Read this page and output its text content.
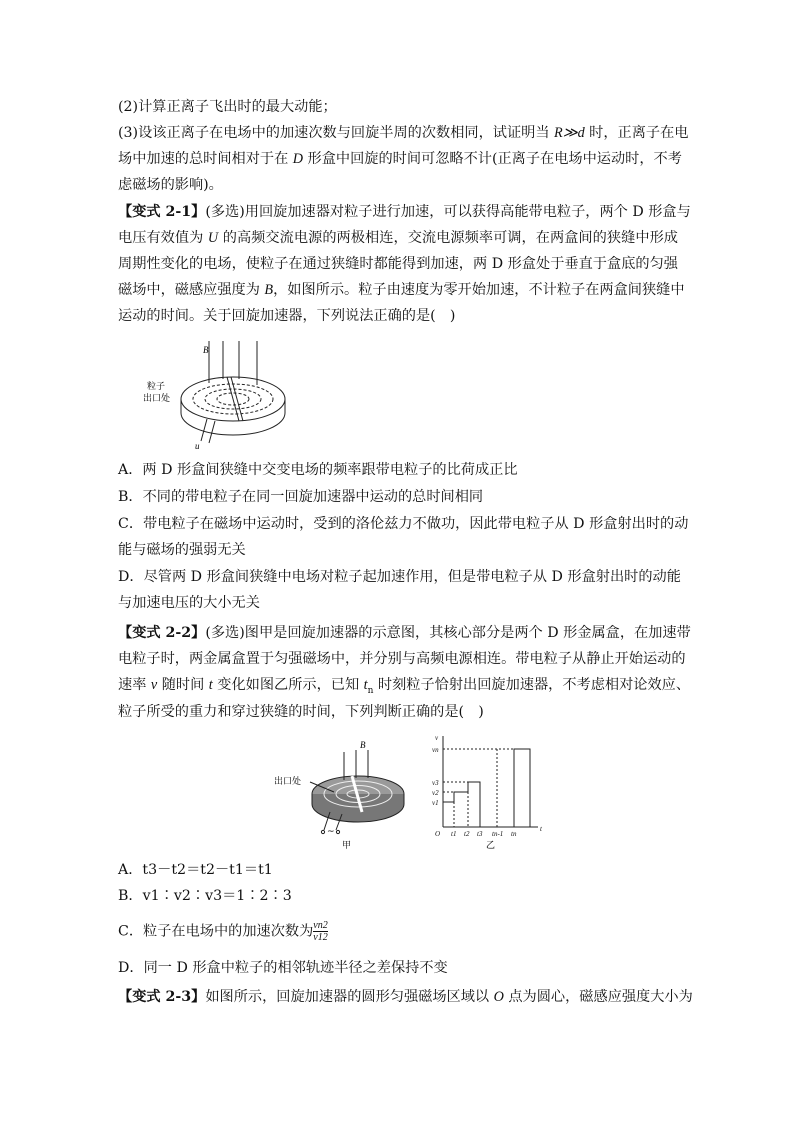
(2)计算正离子飞出时的最大动能；
(3)设该正离子在电场中的加速次数与回旋半周的次数相同，试证明当 R≫d 时，正离子在电
场中加速的总时间相对于在 D 形盒中回旋的时间可忽略不计(正离子在电场中运动时，不考
虑磁场的影响)。
【变式 2-1】(多选)用回旋加速器对粒子进行加速，可以获得高能带电粒子，两个 D 形盒与
电压有效值为 U 的高频交流电源的两极相连，交流电源频率可调，在两盒间的狭缝中形成
周期性变化的电场，使粒子在通过狭缝时都能得到加速，两 D 形盒处于垂直于盒底的匀强
磁场中，磁感应强度为 B，如图所示。粒子由速度为零开始加速，不计粒子在两盒间狭缝中
运动的时间。关于回旋加速器，下列说法正确的是(　)
A．两 D 形盒间狭缝中交变电场的频率跟带电粒子的比荷成正比
B．不同的带电粒子在同一回旋加速器中运动的总时间相同
C．带电粒子在磁场中运动时，受到的洛伦兹力不做功，因此带电粒子从 D 形盒射出时的动
能与磁场的强弱无关
D．尽管两 D 形盒间狭缝中电场对粒子起加速作用，但是带电粒子从 D 形盒射出时的动能
与加速电压的大小无关
【变式 2-2】(多选)图甲是回旋加速器的示意图，其核心部分是两个 D 形金属盒，在加速带
电粒子时，两金属盒置于匀强磁场中，并分别与高频电源相连。带电粒子从静止开始运动的
速率 v 随时间 t 变化如图乙所示，已知 $t_n$ 时刻粒子恰射出回旋加速器，不考虑相对论效应、
粒子所受的重力和穿过狭缝的时间，下列判断正确的是(　)
A．t3－t2＝t2－t1＝t1
B．v1∶v2∶v3＝1∶2∶3
C．粒子在电场中的加速次数为 $\frac{vn2}{v12}$
D．同一 D 形盒中粒子的相邻轨迹半径之差保持不变
【变式 2-3】如图所示，回旋加速器的圆形匀强磁场区域以 O 点为圆心，磁感应强度大小为
B
粒子
出口处
u
出口处
B
~
甲
v
t
O
vn
v3
v2
v1
t1 t2 t3 tn-1 tn
乙
